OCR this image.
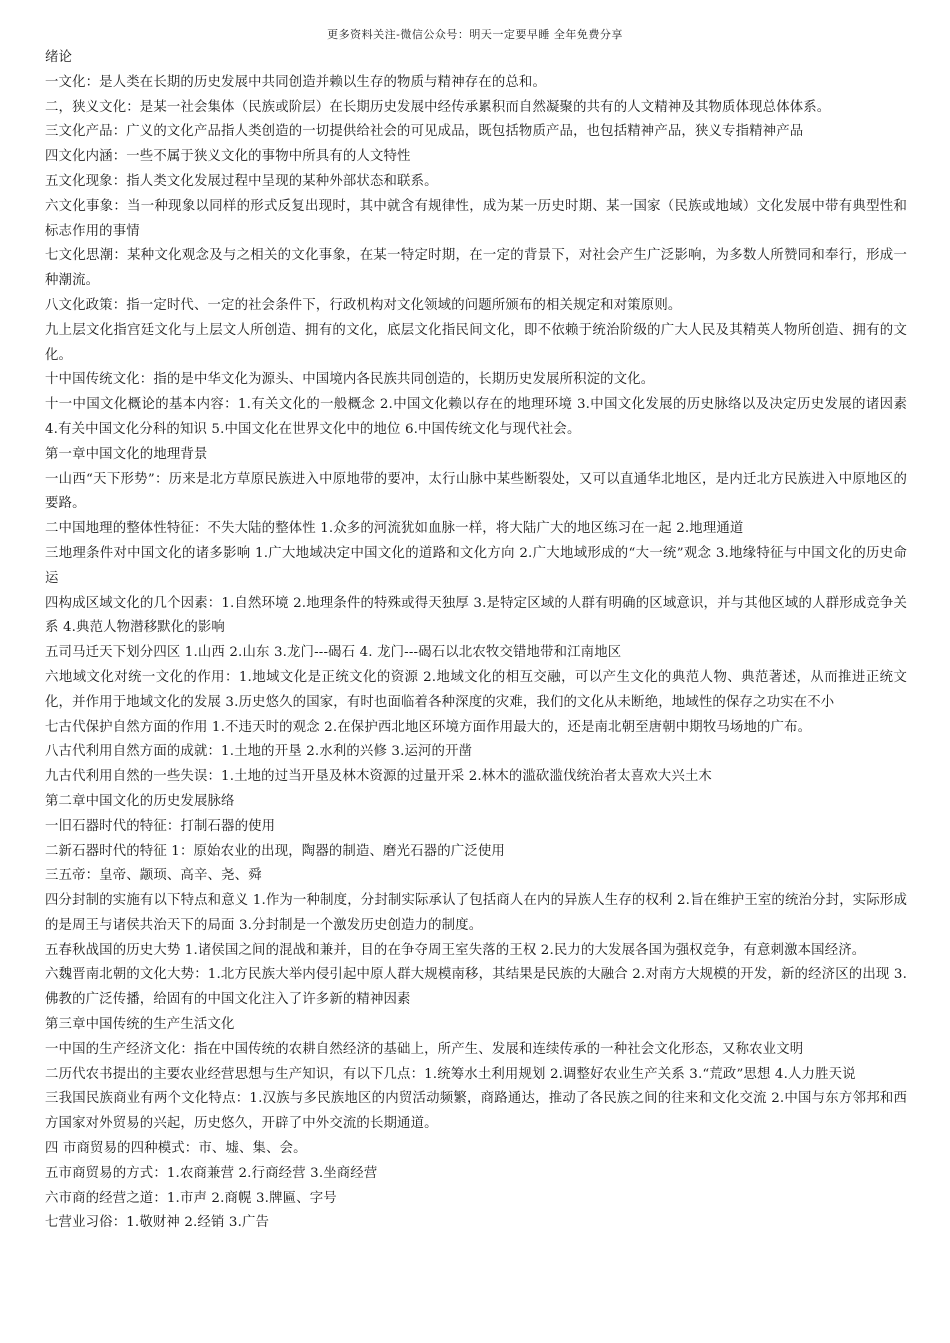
更多资料关注-微信公众号：明天一定要早睡 全年免费分享

绪论

一文化：是人类在长期的历史发展中共同创造并赖以生存的物质与精神存在的总和。

二，狭义文化：是某一社会集体（民族或阶层）在长期历史发展中经传承累积而自然凝聚的共有的人文精神及其物质体现总体体系。

三文化产品：广义的文化产品指人类创造的一切提供给社会的可见成品，既包括物质产品，也包括精神产品，狭义专指精神产品

四文化内涵：一些不属于狭义文化的事物中所具有的人文特性

五文化现象：指人类文化发展过程中呈现的某种外部状态和联系。

六文化事象：当一种现象以同样的形式反复出现时，其中就含有规律性，成为某一历史时期、某一国家（民族或地域）文化发展中带有典型性和标志作用的事情

七文化思潮：某种文化观念及与之相关的文化事象，在某一特定时期，在一定的背景下，对社会产生广泛影响，为多数人所赞同和奉行，形成一种潮流。

八文化政策：指一定时代、一定的社会条件下，行政机构对文化领域的问题所颁布的相关规定和对策原则。

九上层文化指宫廷文化与上层文人所创造、拥有的文化，底层文化指民间文化，即不依赖于统治阶级的广大人民及其精英人物所创造、拥有的文化。

十中国传统文化：指的是中华文化为源头、中国境内各民族共同创造的，长期历史发展所积淀的文化。

十一中国文化概论的基本内容：1.有关文化的一般概念 2.中国文化赖以存在的地理环境 3.中国文化发展的历史脉络以及决定历史发展的诸因素 4.有关中国文化分科的知识 5.中国文化在世界文化中的地位 6.中国传统文化与现代社会。

第一章中国文化的地理背景

一山西“天下形势”：历来是北方草原民族进入中原地带的要冲，太行山脉中某些断裂处，又可以直通华北地区，是内迁北方民族进入中原地区的要路。

二中国地理的整体性特征：不失大陆的整体性 1.众多的河流犹如血脉一样，将大陆广大的地区练习在一起 2.地理通道

三地理条件对中国文化的诸多影响 1.广大地域决定中国文化的道路和文化方向 2.广大地域形成的“大一统”观念 3.地缘特征与中国文化的历史命运

四构成区域文化的几个因素：1.自然环境 2.地理条件的特殊或得天独厚 3.是特定区域的人群有明确的区域意识，并与其他区域的人群形成竞争关系 4.典范人物潜移默化的影响

五司马迁天下划分四区 1.山西 2.山东 3.龙门---碣石 4. 龙门---碣石以北农牧交错地带和江南地区

六地域文化对统一文化的作用：1.地域文化是正统文化的资源 2.地域文化的相互交融，可以产生文化的典范人物、典范著述，从而推进正统文化，并作用于地域文化的发展 3.历史悠久的国家，有时也面临着各种深度的灾难，我们的文化从未断绝，地域性的保存之功实在不小

七古代保护自然方面的作用 1.不违天时的观念 2.在保护西北地区环境方面作用最大的，还是南北朝至唐朝中期牧马场地的广布。

八古代利用自然方面的成就：1.土地的开垦 2.水利的兴修 3.运河的开凿

九古代利用自然的一些失误：1.土地的过当开垦及林木资源的过量开采 2.林木的滥砍滥伐统治者太喜欢大兴土木

第二章中国文化的历史发展脉络

一旧石器时代的特征：打制石器的使用

二新石器时代的特征 1：原始农业的出现，陶器的制造、磨光石器的广泛使用

三五帝：皇帝、颛顼、高辛、尧、舜

四分封制的实施有以下特点和意义 1.作为一种制度，分封制实际承认了包括商人在内的异族人生存的权利 2.旨在维护王室的统治分封，实际形成的是周王与诸侯共治天下的局面 3.分封制是一个激发历史创造力的制度。

五春秋战国的历史大势 1.诸侯国之间的混战和兼并，目的在争夺周王室失落的王权 2.民力的大发展各国为强权竞争，有意刺激本国经济。

六魏晋南北朝的文化大势：1.北方民族大举内侵引起中原人群大规模南移，其结果是民族的大融合 2.对南方大规模的开发，新的经济区的出现 3.佛教的广泛传播，给固有的中国文化注入了许多新的精神因素

第三章中国传统的生产生活文化

一中国的生产经济文化：指在中国传统的农耕自然经济的基础上，所产生、发展和连续传承的一种社会文化形态，又称农业文明

二历代农书提出的主要农业经营思想与生产知识，有以下几点：1.统筹水土利用规划 2.调整好农业生产关系 3.“荒政”思想 4.人力胜天说

三我国民族商业有两个文化特点：1.汉族与多民族地区的内贸活动频繁，商路通达，推动了各民族之间的往来和文化交流 2.中国与东方邻邦和西方国家对外贸易的兴起，历史悠久，开辟了中外交流的长期通道。

四 市商贸易的四种模式：市、墟、集、会。

五市商贸易的方式：1.农商兼营 2.行商经营 3.坐商经营

六市商的经营之道：1.市声 2.商幌 3.牌匾、字号

七营业习俗：1.敬财神 2.经销 3.广告
